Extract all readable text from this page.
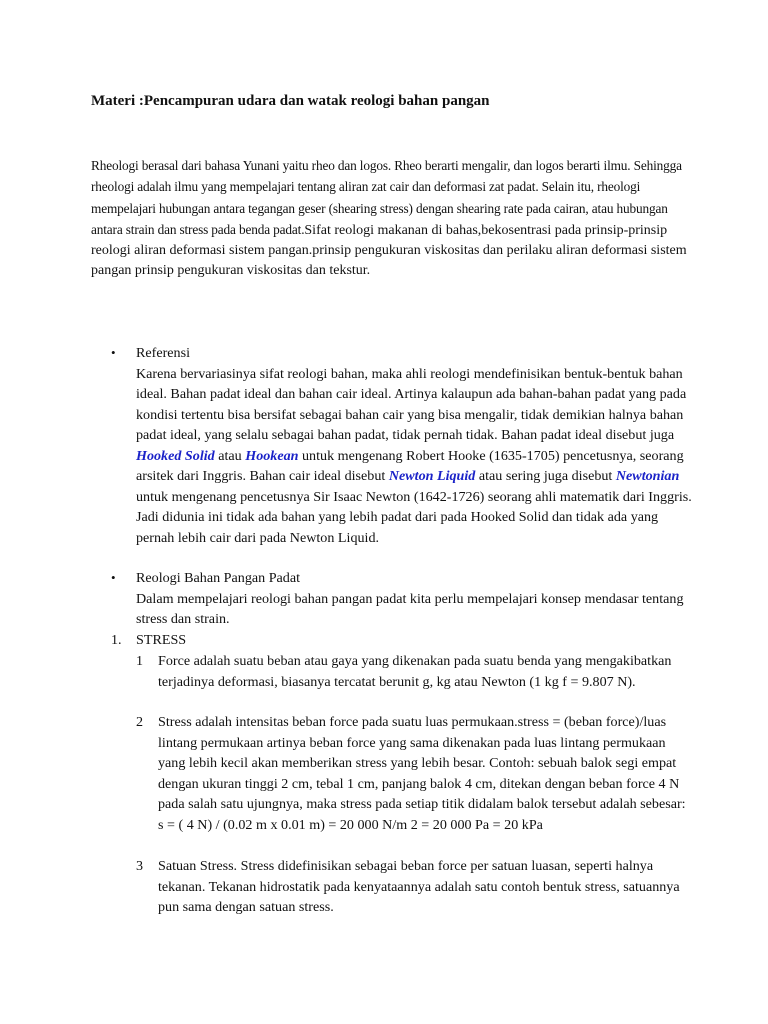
Materi :Pencampuran udara dan watak reologi bahan pangan

Rheologi berasal dari bahasa Yunani yaitu rheo dan logos. Rheo berarti mengalir, dan logos berarti ilmu. Sehingga rheologi adalah ilmu yang mempelajari tentang aliran zat cair dan deformasi zat padat. Selain itu, rheologi mempelajari hubungan antara tegangan geser (shearing stress) dengan shearing rate pada cairan, atau hubungan antara strain dan stress pada benda padat.Sifat reologi makanan di bahas,bekosentrasi pada prinsip-prinsip reologi aliran deformasi sistem pangan.prinsip pengukuran viskositas dan perilaku aliran deformasi sistem pangan prinsip pengukuran viskositas dan tekstur.

• Referensi
Karena bervariasinya sifat reologi bahan, maka ahli reologi mendefinisikan bentuk-bentuk bahan ideal. Bahan padat ideal dan bahan cair ideal. Artinya kalaupun ada bahan-bahan padat yang pada kondisi tertentu bisa bersifat sebagai bahan cair yang bisa mengalir, tidak demikian halnya bahan padat ideal, yang selalu sebagai bahan padat, tidak pernah tidak. Bahan padat ideal disebut juga Hooked Solid atau Hookean untuk mengenang Robert Hooke (1635-1705) pencetusnya, seorang arsitek dari Inggris. Bahan cair ideal disebut Newton Liquid atau sering juga disebut Newtonian untuk mengenang pencetusnya Sir Isaac Newton (1642-1726) seorang ahli matematik dari Inggris. Jadi didunia ini tidak ada bahan yang lebih padat dari pada Hooked Solid dan tidak ada yang pernah lebih cair dari pada Newton Liquid.
• Reologi Bahan Pangan Padat
Dalam mempelajari reologi bahan pangan padat kita perlu mempelajari konsep mendasar tentang stress dan strain.
1. STRESS
1 Force adalah suatu beban atau gaya yang dikenakan pada suatu benda yang mengakibatkan terjadinya deformasi, biasanya tercatat berunit g, kg atau Newton (1 kg f = 9.807 N).
2 Stress adalah intensitas beban force pada suatu luas permukaan.stress = (beban force)/luas lintang permukaan artinya beban force yang sama dikenakan pada luas lintang permukaan yang lebih kecil akan memberikan stress yang lebih besar. Contoh: sebuah balok segi empat dengan ukuran tinggi 2 cm, tebal 1 cm, panjang balok 4 cm, ditekan dengan beban force 4 N pada salah satu ujungnya, maka stress pada setiap titik didalam balok tersebut adalah sebesar: s = ( 4 N) / (0.02 m x 0.01 m) = 20 000 N/m 2 = 20 000 Pa = 20 kPa
3 Satuan Stress. Stress didefinisikan sebagai beban force per satuan luasan, seperti halnya tekanan. Tekanan hidrostatik pada kenyataannya adalah satu contoh bentuk stress, satuannya pun sama dengan satuan stress.
